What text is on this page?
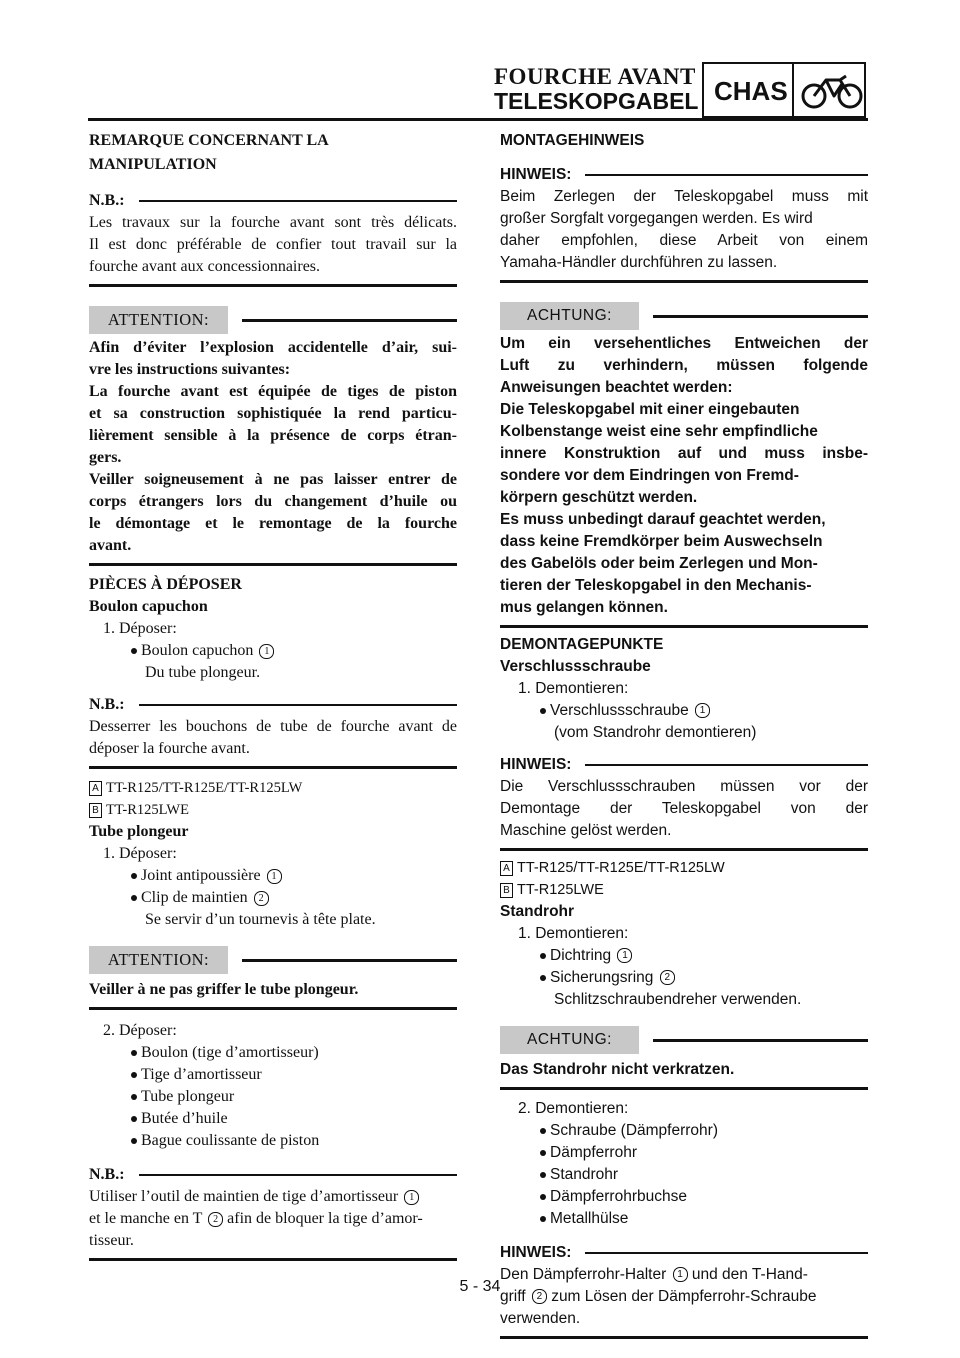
FOURCHE AVANT
TELESKOPGABEL CHAS
REMARQUE CONCERNANT LA
MANIPULATION
N.B.:
Les travaux sur la fourche avant sont très délicats.
Il est donc préférable de confier tout travail sur la
fourche avant aux concessionnaires.
ATTENTION:
Afin d’éviter l’explosion accidentelle d’air, sui-
vre les instructions suivantes:
La fourche avant est équipée de tiges de piston
et sa construction sophistiquée la rend particu-
lièrement sensible à la présence de corps étran-
gers.
Veiller soigneusement à ne pas laisser entrer de
corps étrangers lors du changement d’huile ou
le démontage et le remontage de la fourche
avant.
PIÈCES À DÉPOSER
Boulon capuchon
1. Déposer:
Boulon capuchon 1
Du tube plongeur.
N.B.:
Desserrer les bouchons de tube de fourche avant de
déposer la fourche avant.
A TT-R125/TT-R125E/TT-R125LW
B TT-R125LWE
Tube plongeur
1. Déposer:
Joint antipoussière 1
Clip de maintien 2
Se servir d’un tournevis à tête plate.
ATTENTION:
Veiller à ne pas griffer le tube plongeur.
2. Déposer:
Boulon (tige d’amortisseur)
Tige d’amortisseur
Tube plongeur
Butée d’huile
Bague coulissante de piston
N.B.:
Utiliser l’outil de maintien de tige d’amortisseur 1
et le manche en T 2 afin de bloquer la tige d’amor-
tisseur.
MONTAGEHINWEIS
HINWEIS:
Beim Zerlegen der Teleskopgabel muss mit
großer Sorgfalt vorgegangen werden. Es wird
daher empfohlen, diese Arbeit von einem
Yamaha-Händler durchführen zu lassen.
ACHTUNG:
Um ein versehentliches Entweichen der
Luft zu verhindern, müssen folgende
Anweisungen beachtet werden:
Die Teleskopgabel mit einer eingebauten
Kolbenstange weist eine sehr empfindliche
innere Konstruktion auf und muss insbe-
sondere vor dem Eindringen von Fremd-
körpern geschützt werden.
Es muss unbedingt darauf geachtet werden,
dass keine Fremdkörper beim Auswechseln
des Gabelöls oder beim Zerlegen und Mon-
tieren der Teleskopgabel in den Mechanis-
mus gelangen können.
DEMONTAGEPUNKTE
Verschlussschraube
1. Demontieren:
Verschlussschraube 1
(vom Standrohr demontieren)
HINWEIS:
Die Verschlussschrauben müssen vor der
Demontage der Teleskopgabel von der
Maschine gelöst werden.
A TT-R125/TT-R125E/TT-R125LW
B TT-R125LWE
Standrohr
1. Demontieren:
Dichtring 1
Sicherungsring 2
Schlitzschraubendreher verwenden.
ACHTUNG:
Das Standrohr nicht verkratzen.
2. Demontieren:
Schraube (Dämpferrohr)
Dämpferrohr
Standrohr
Dämpferrohrbuchse
Metallhülse
HINWEIS:
Den Dämpferrohr-Halter 1 und den T-Hand-
griff 2 zum Lösen der Dämpferrohr-Schraube
verwenden.
5 - 34
